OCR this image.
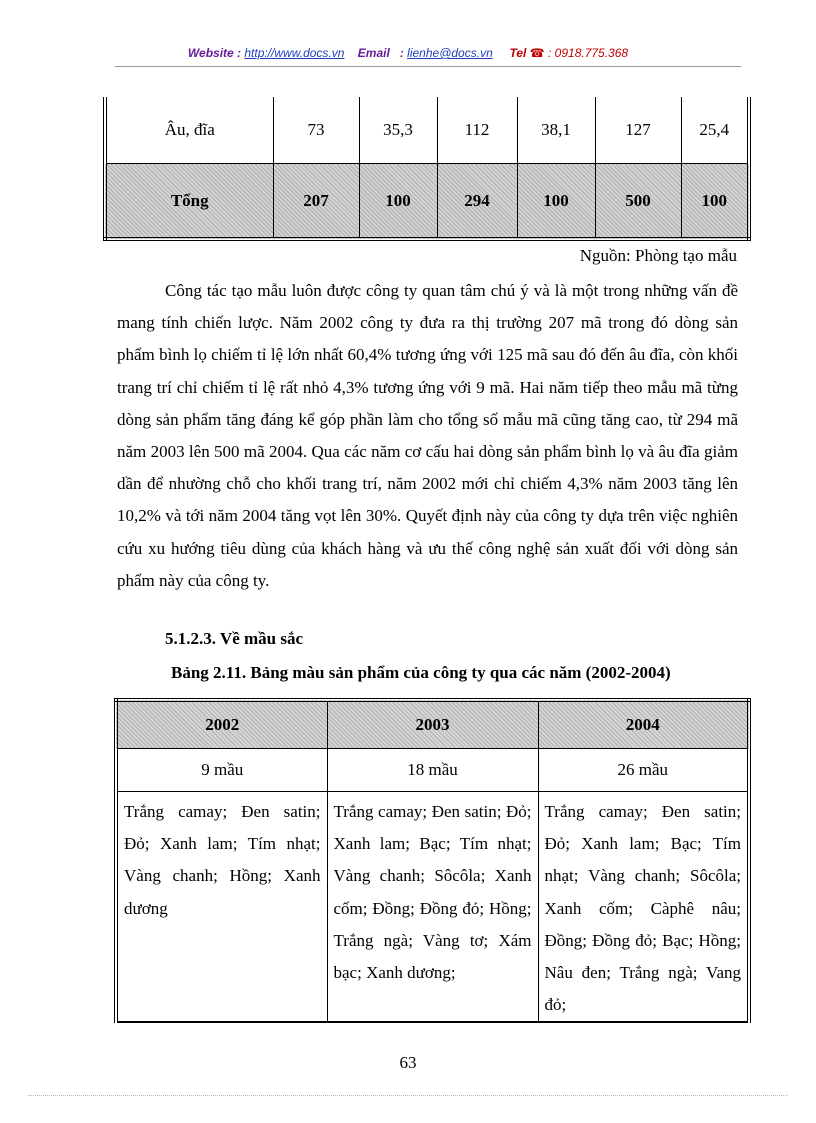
Website : http://www.docs.vn Email : lienhe@docs.vn Tel ☎ : 0918.775.368
Âu, đĩa	73	35,3	112	38,1	127	25,4
Tổng	207	100	294	100	500	100
Nguồn: Phòng tạo mẫu

Công tác tạo mẫu luôn được công ty quan tâm chú ý và là một trong những vấn đề mang tính chiến lược. Năm 2002 công ty đưa ra thị trường 207 mã trong đó dòng sản phẩm bình lọ chiếm tỉ lệ lớn nhất 60,4% tương ứng với 125 mã sau đó đến âu đĩa, còn khối trang trí chỉ chiếm tỉ lệ rất nhỏ 4,3% tương ứng với 9 mã. Hai năm tiếp theo mẫu mã từng dòng sản phẩm tăng đáng kể góp phần làm cho tổng số mẫu mã cũng tăng cao, từ 294 mã năm 2003 lên 500 mã 2004. Qua các năm cơ cấu hai dòng sản phẩm bình lọ và âu đĩa giảm dần để nhường chỗ cho khối trang trí, năm 2002 mới chỉ chiếm 4,3% năm 2003 tăng lên 10,2% và tới năm 2004 tăng vọt lên 30%. Quyết định này của công ty dựa trên việc nghiên cứu xu hướng tiêu dùng của khách hàng và ưu thế công nghệ sản xuất đối với dòng sản phẩm này của công ty.

5.1.2.3. Về mầu sắc

Bảng 2.11. Bảng màu sản phẩm của công ty qua các năm (2002-2004)

2002	2003	2004
9 mầu	18 mầu	26 mầu
Trắng camay; Đen satin; Đỏ; Xanh lam; Tím nhạt; Vàng chanh; Hồng; Xanh dương	Trắng camay; Đen satin; Đỏ; Xanh lam; Bạc; Tím nhạt; Vàng chanh; Sôcôla; Xanh cốm; Đồng; Đồng đỏ; Hồng; Trắng ngà; Vàng tơ; Xám bạc; Xanh dương;	Trắng camay; Đen satin; Đỏ; Xanh lam; Bạc; Tím nhạt; Vàng chanh; Sôcôla; Xanh cốm; Càphê nâu; Đồng; Đồng đỏ; Bạc; Hồng; Nâu đen; Trắng ngà; Vang đỏ;
63
